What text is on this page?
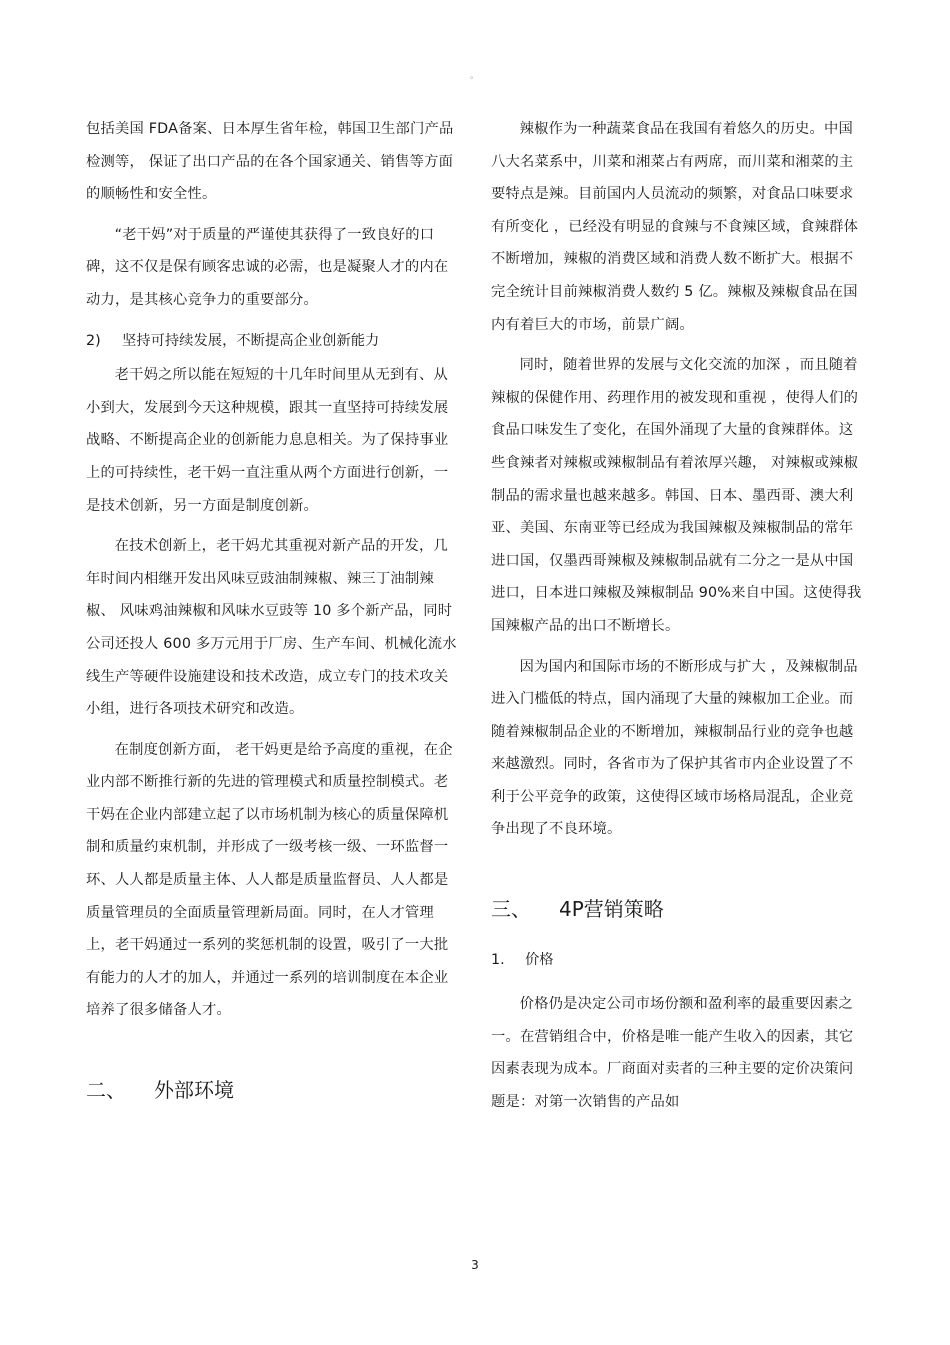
。

包括美国 FDA备案、日本厚生省年检，韩国卫生部门产品检测等， 保证了出口产品的在各个国家通关、销售等方面的顺畅性和安全性。

“老干妈”对于质量的严谨使其获得了一致良好的口碑，这不仅是保有顾客忠诚的必需，也是凝聚人才的内在动力，是其核心竞争力的重要部分。

2)	坚持可持续发展，不断提高企业创新能力

老干妈之所以能在短短的十几年时间里从无到有、从小到大，发展到今天这种规模，跟其一直坚持可持续发展战略、不断提高企业的创新能力息息相关。为了保持事业上的可持续性，老干妈一直注重从两个方面进行创新，一是技术创新，另一方面是制度创新。

在技术创新上，老干妈尤其重视对新产品的开发，几年时间内相继开发出风味豆豉油制辣椒、辣三丁油制辣椒、 风味鸡油辣椒和风味水豆豉等 10 多个新产品，同时公司还投人 600 多万元用于厂房、生产车间、机械化流水线生产等硬件设施建设和技术改造，成立专门的技术攻关小组，进行各项技术研究和改造。

在制度创新方面， 老干妈更是给予高度的重视，在企业内部不断推行新的先进的管理模式和质量控制模式。老干妈在企业内部建立起了以市场机制为核心的质量保障机制和质量约束机制，并形成了一级考核一级、一环监督一环、人人都是质量主体、人人都是质量监督员、人人都是质量管理员的全面质量管理新局面。同时，在人才管理上，老干妈通过一系列的奖惩机制的设置，吸引了一大批有能力的人才的加人，并通过一系列的培训制度在本企业培养了很多储备人才。

二、	外部环境

辣椒作为一种蔬菜食品在我国有着悠久的历史。中国八大名菜系中，川菜和湘菜占有两席，而川菜和湘菜的主要特点是辣。目前国内人员流动的频繁，对食品口味要求有所变化 ，已经没有明显的食辣与不食辣区域，食辣群体不断增加，辣椒的消费区域和消费人数不断扩大。根据不完全统计目前辣椒消费人数约 5 亿。辣椒及辣椒食品在国内有着巨大的市场，前景广阔。

同时，随着世界的发展与文化交流的加深 ，而且随着辣椒的保健作用、药理作用的被发现和重视 ，使得人们的食品口味发生了变化，在国外涌现了大量的食辣群体。这些食辣者对辣椒或辣椒制品有着浓厚兴趣， 对辣椒或辣椒制品的需求量也越来越多。韩国、日本、墨西哥、澳大利亚、美国、东南亚等已经成为我国辣椒及辣椒制品的常年进口国，仅墨西哥辣椒及辣椒制品就有二分之一是从中国进口，日本进口辣椒及辣椒制品 90%来自中国。这使得我国辣椒产品的出口不断增长。

因为国内和国际市场的不断形成与扩大 ，及辣椒制品进入门槛低的特点，国内涌现了大量的辣椒加工企业。而随着辣椒制品企业的不断增加，辣椒制品行业的竞争也越来越激烈。同时，各省市为了保护其省市内企业设置了不利于公平竞争的政策，这使得区域市场格局混乱，企业竞争出现了不良环境。

三、	4P营销策略
1.	价格

价格仍是决定公司市场份额和盈利率的最重要因素之一。在营销组合中，价格是唯一能产生收入的因素，其它因素表现为成本。厂商面对卖者的三种主要的定价决策问题是：对第一次销售的产品如

3
